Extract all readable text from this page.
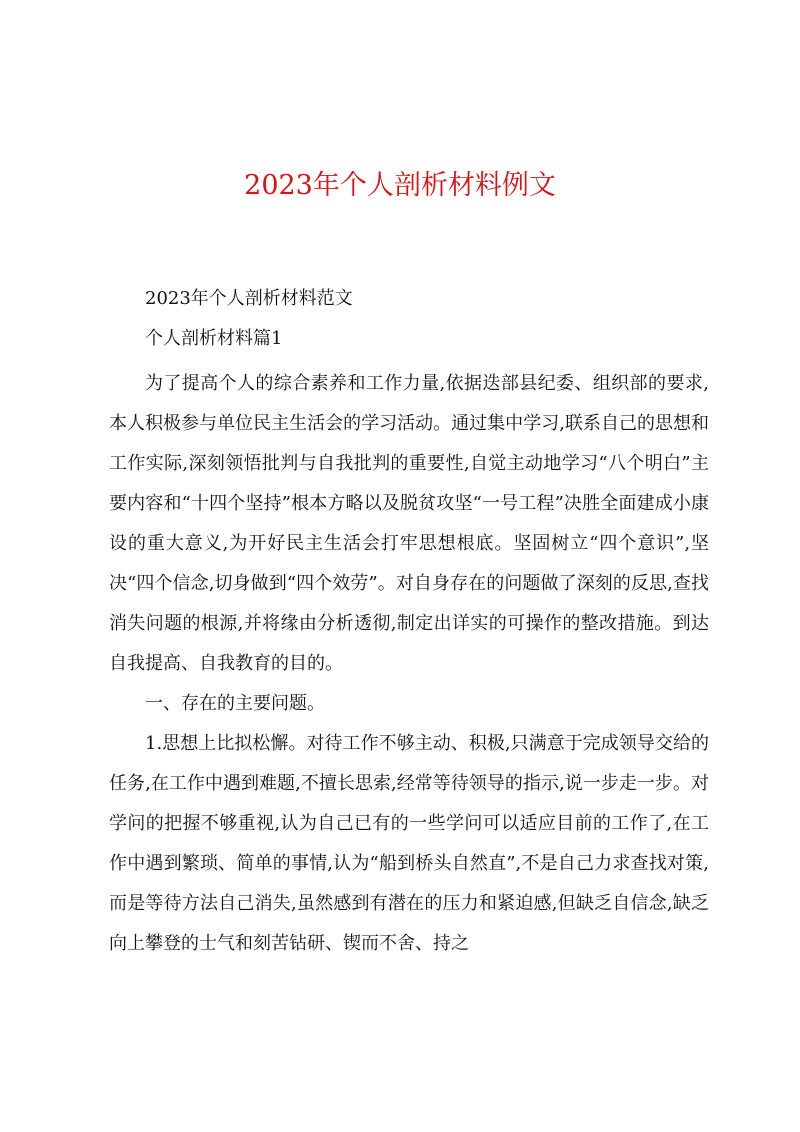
2023年个人剖析材料例文

2023年个人剖析材料范文

个人剖析材料篇1

为了提高个人的综合素养和工作力量,依据迭部县纪委、组织部的要求,本人积极参与单位民主生活会的学习活动。通过集中学习,联系自己的思想和工作实际,深刻领悟批判与自我批判的重要性,自觉主动地学习“八个明白”主要内容和“十四个坚持”根本方略以及脱贫攻坚“一号工程”决胜全面建成小康设的重大意义,为开好民主生活会打牢思想根底。坚固树立“四个意识”,坚决“四个信念,切身做到“四个效劳”。对自身存在的问题做了深刻的反思,查找消失问题的根源,并将缘由分析透彻,制定出详实的可操作的整改措施。到达自我提高、自我教育的目的。

一、存在的主要问题。

1.思想上比拟松懈。对待工作不够主动、积极,只满意于完成领导交给的任务,在工作中遇到难题,不擅长思索,经常等待领导的指示,说一步走一步。对学问的把握不够重视,认为自己已有的一些学问可以适应目前的工作了,在工作中遇到繁琐、简单的事情,认为“船到桥头自然直”,不是自己力求查找对策,而是等待方法自己消失,虽然感到有潜在的压力和紧迫感,但缺乏自信念,缺乏向上攀登的士气和刻苦钻研、锲而不舍、持之
